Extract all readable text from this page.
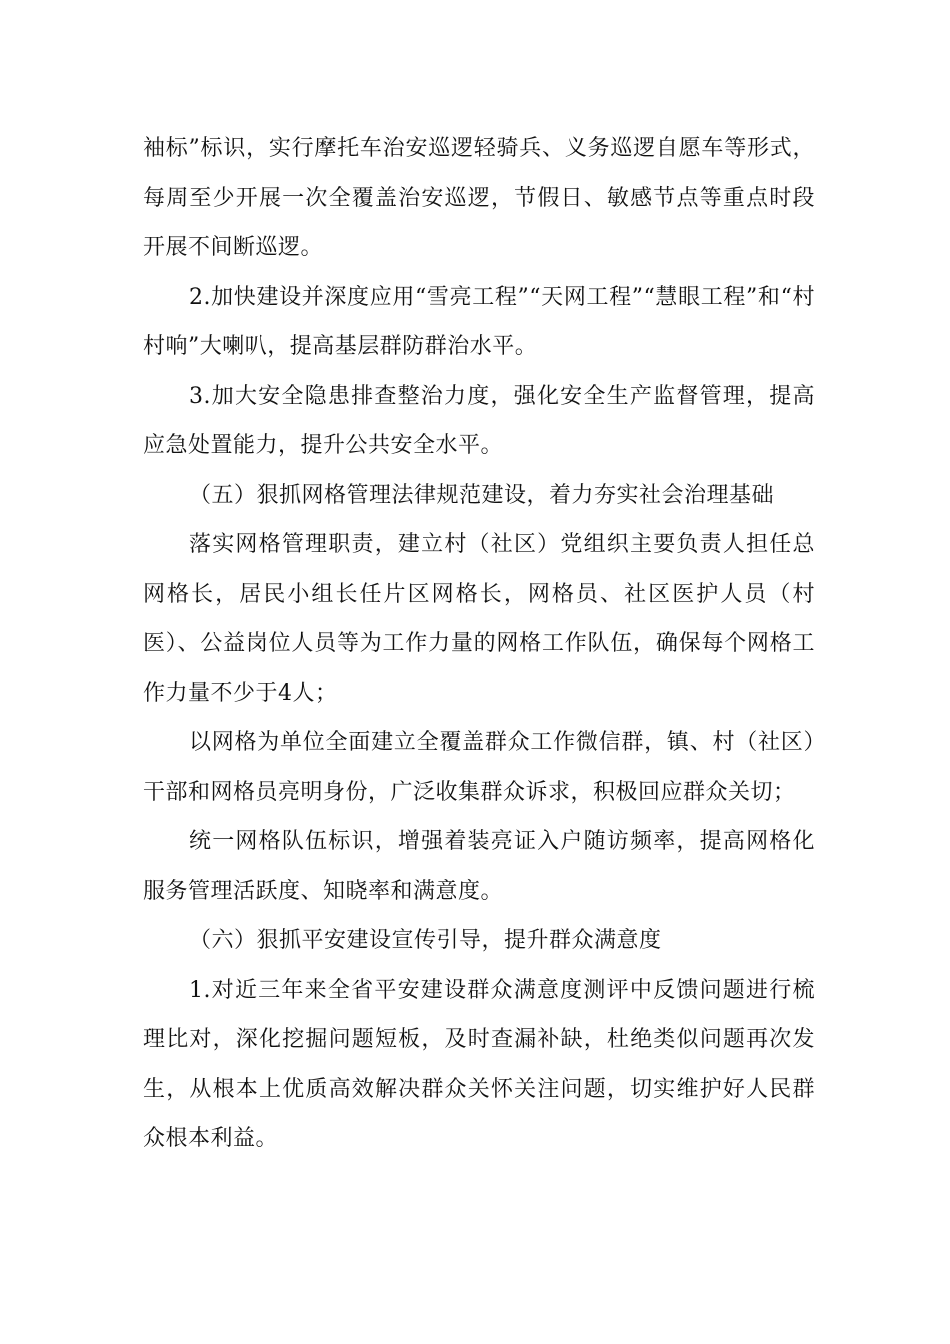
袖标”标识，实行摩托车治安巡逻轻骑兵、义务巡逻自愿车等形式，每周至少开展一次全覆盖治安巡逻，节假日、敏感节点等重点时段开展不间断巡逻。

2.加快建设并深度应用“雪亮工程”“天网工程”“慧眼工程”和“村村响”大喇叭，提高基层群防群治水平。

3.加大安全隐患排查整治力度，强化安全生产监督管理，提高应急处置能力，提升公共安全水平。

（五）狠抓网格管理法律规范建设，着力夯实社会治理基础

落实网格管理职责，建立村（社区）党组织主要负责人担任总网格长，居民小组长任片区网格长，网格员、社区医护人员（村医）、公益岗位人员等为工作力量的网格工作队伍，确保每个网格工作力量不少于4人；

以网格为单位全面建立全覆盖群众工作微信群，镇、村（社区）干部和网格员亮明身份，广泛收集群众诉求，积极回应群众关切；

统一网格队伍标识，增强着装亮证入户随访频率，提高网格化服务管理活跃度、知晓率和满意度。

（六）狠抓平安建设宣传引导，提升群众满意度

1.对近三年来全省平安建设群众满意度测评中反馈问题进行梳理比对，深化挖掘问题短板，及时查漏补缺，杜绝类似问题再次发生，从根本上优质高效解决群众关怀关注问题，切实维护好人民群众根本利益。
